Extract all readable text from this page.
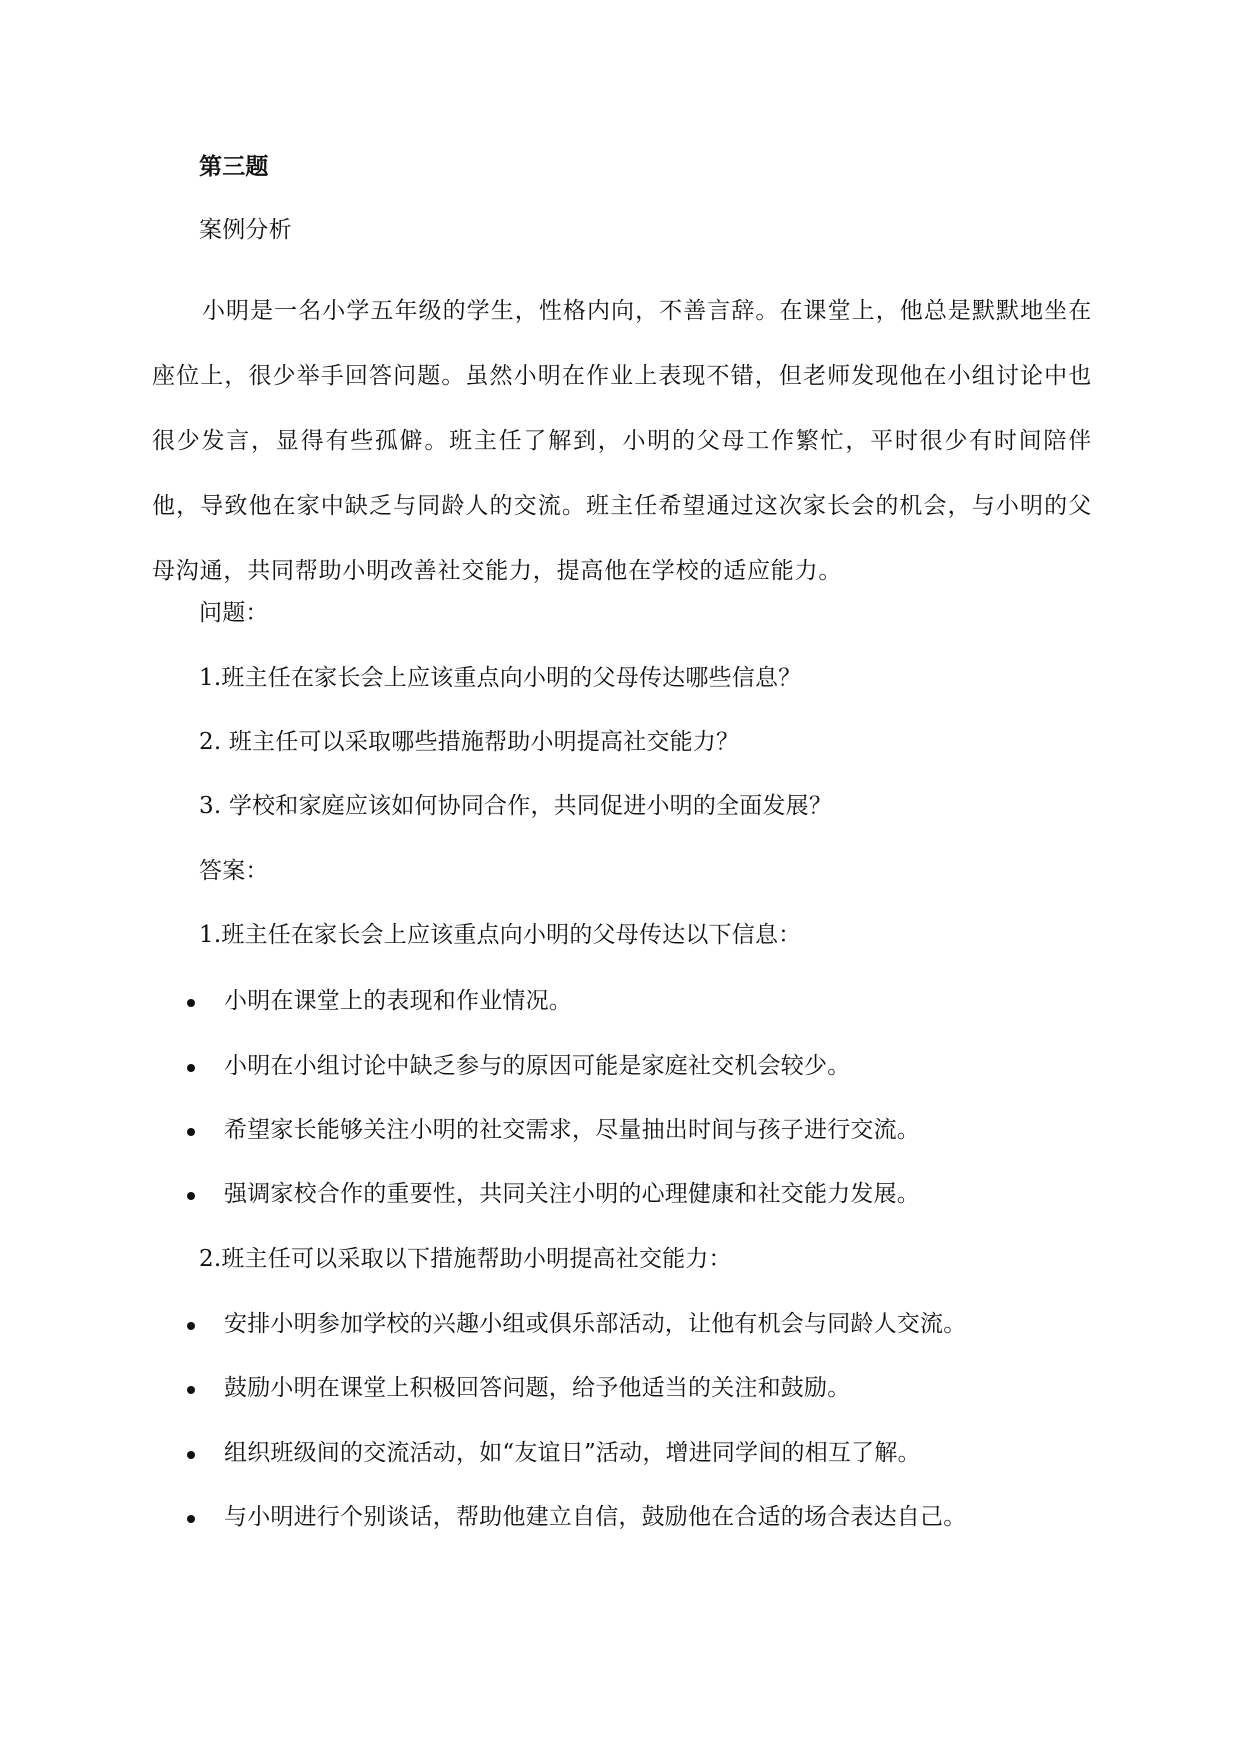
第三题
案例分析
小明是一名小学五年级的学生，性格内向，不善言辞。在课堂上，他总是默默地坐在座位上，很少举手回答问题。虽然小明在作业上表现不错，但老师发现他在小组讨论中也很少发言，显得有些孤僻。班主任了解到，小明的父母工作繁忙，平时很少有时间陪伴他，导致他在家中缺乏与同龄人的交流。班主任希望通过这次家长会的机会，与小明的父母沟通，共同帮助小明改善社交能力，提高他在学校的适应能力。
问题：
1.班主任在家长会上应该重点向小明的父母传达哪些信息？
2. 班主任可以采取哪些措施帮助小明提高社交能力？
3. 学校和家庭应该如何协同合作，共同促进小明的全面发展？
答案：
1.班主任在家长会上应该重点向小明的父母传达以下信息：
小明在课堂上的表现和作业情况。
小明在小组讨论中缺乏参与的原因可能是家庭社交机会较少。
希望家长能够关注小明的社交需求，尽量抽出时间与孩子进行交流。
强调家校合作的重要性，共同关注小明的心理健康和社交能力发展。
2.班主任可以采取以下措施帮助小明提高社交能力：
安排小明参加学校的兴趣小组或俱乐部活动，让他有机会与同龄人交流。
鼓励小明在课堂上积极回答问题，给予他适当的关注和鼓励。
组织班级间的交流活动，如“友谊日”活动，增进同学间的相互了解。
与小明进行个别谈话，帮助他建立自信，鼓励他在合适的场合表达自己。
